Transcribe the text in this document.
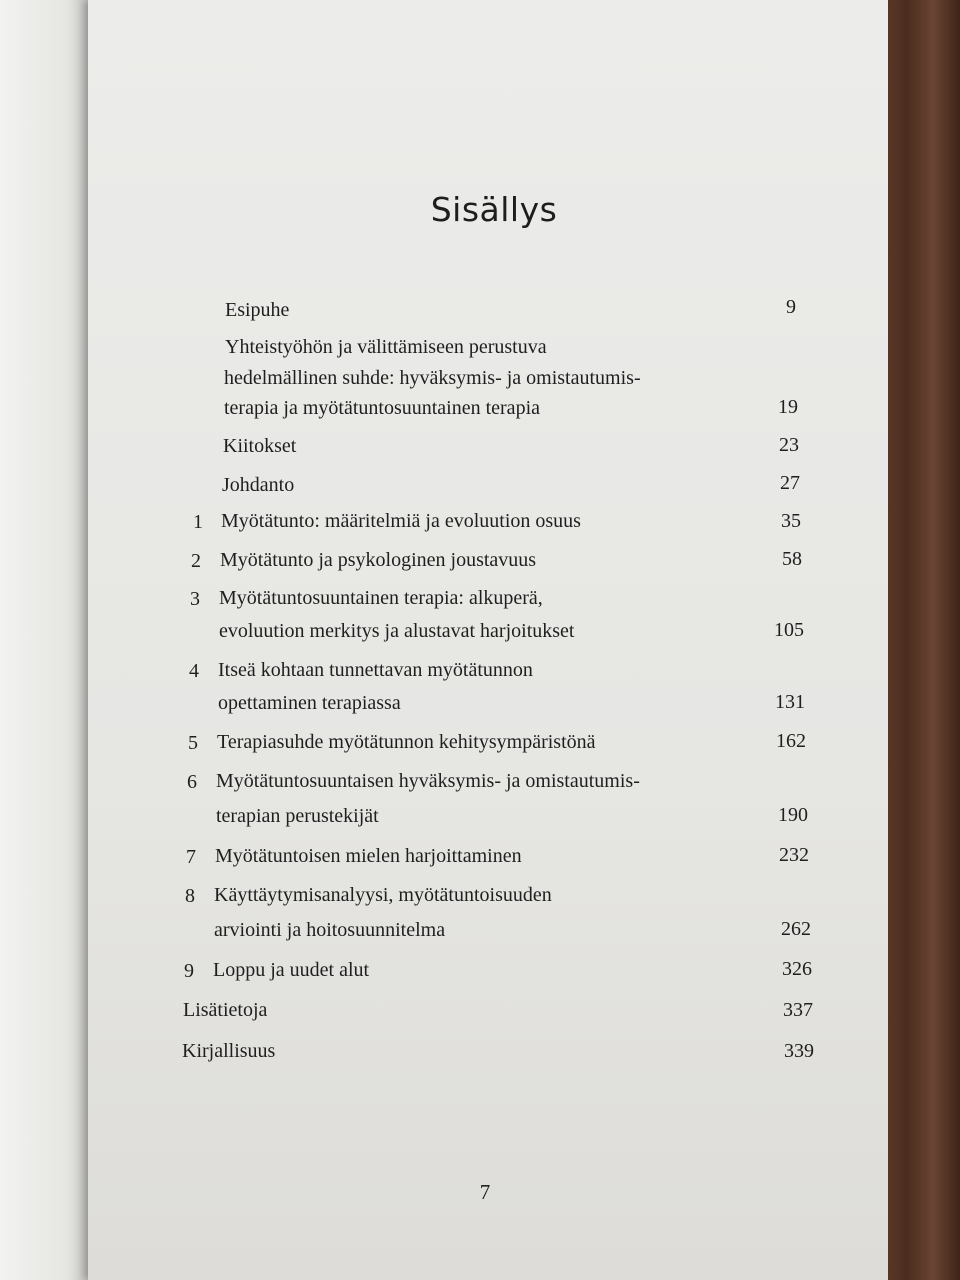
Sisällys
Esipuhe	9
Yhteistyöhön ja välittämiseen perustuva
hedelmällinen suhde: hyväksymis- ja omistautumis-
terapia ja myötätuntosuuntainen terapia	19
Kiitokset	23
Johdanto	27
1 Myötätunto: määritelmiä ja evoluution osuus	35
2 Myötätunto ja psykologinen joustavuus	58
3 Myötätuntosuuntainen terapia: alkuperä,
evoluution merkitys ja alustavat harjoitukset	105
4 Itseä kohtaan tunnettavan myötätunnon
opettaminen terapiassa	131
5 Terapiasuhde myötätunnon kehitysympäristönä	162
6 Myötätuntosuuntaisen hyväksymis- ja omistautumis-
terapian perustekijät	190
7 Myötätuntoisen mielen harjoittaminen	232
8 Käyttäytymisanalyysi, myötätuntoisuuden
arviointi ja hoitosuunnitelma	262
9 Loppu ja uudet alut	326
Lisätietoja	337
Kirjallisuus	339
7
